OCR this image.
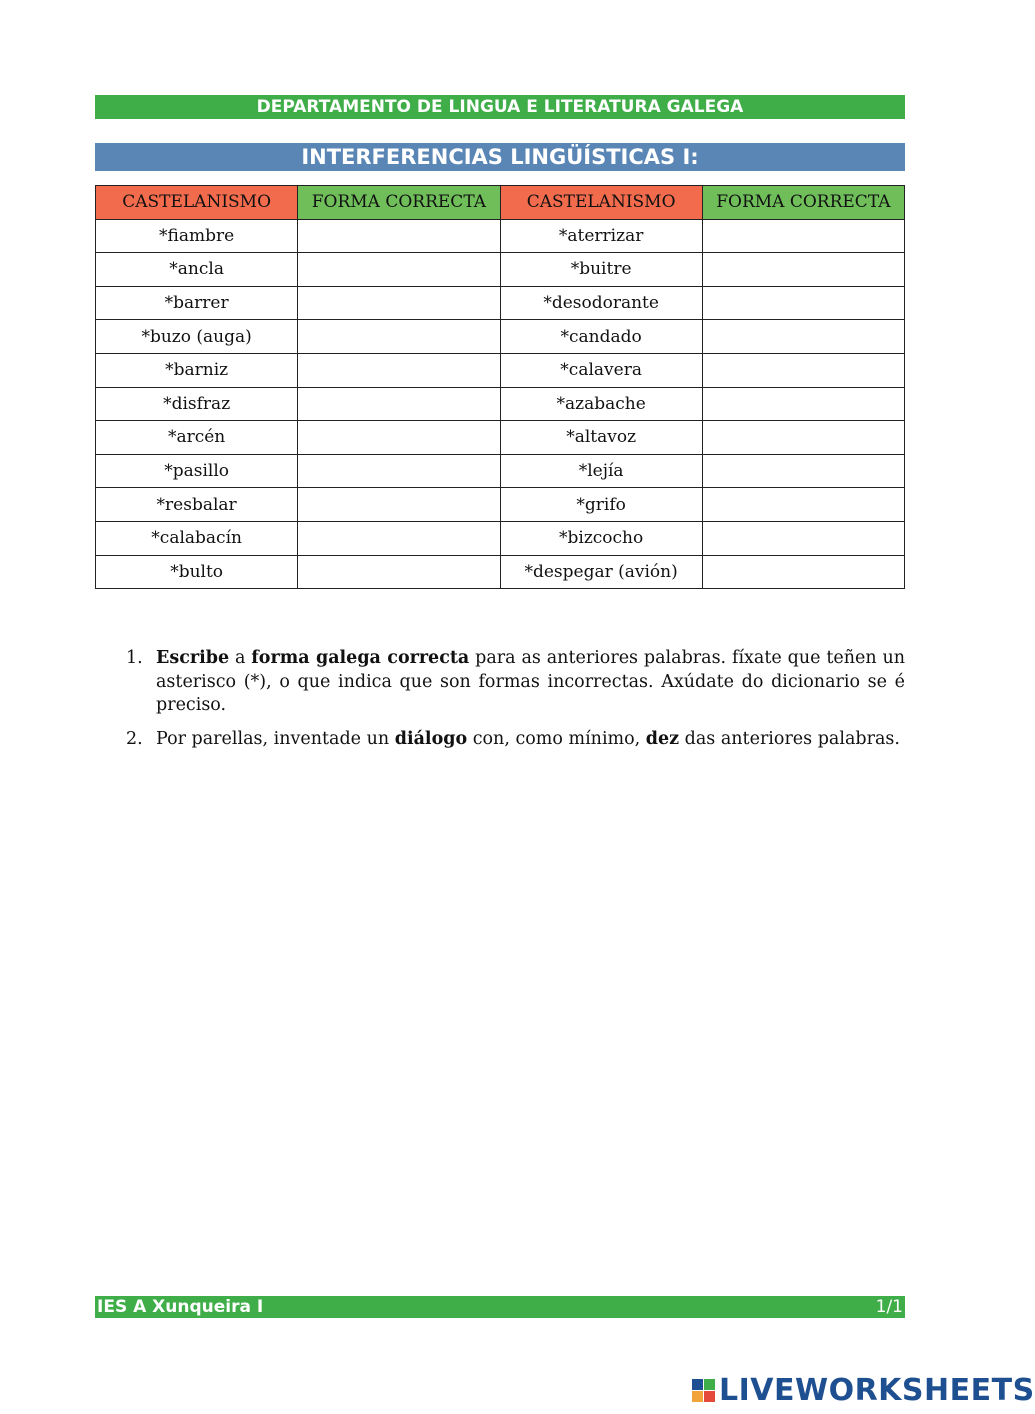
DEPARTAMENTO DE LINGUA E LITERATURA GALEGA
INTERFERENCIAS LINGÜÍSTICAS I:
CASTELANISMO	FORMA CORRECTA	CASTELANISMO	FORMA CORRECTA
*fiambre		*aterrizar	
*ancla		*buitre	
*barrer		*desodorante	
*buzo (auga)		*candado	
*barniz		*calavera	
*disfraz		*azabache	
*arcén		*altavoz	
*pasillo		*lejía	
*resbalar		*grifo	
*calabacín		*bizcocho	
*bulto		*despegar (avión)	
1. Escribe a forma galega correcta para as anteriores palabras. fíxate que teñen un asterisco (*), o que indica que son formas incorrectas. Axúdate do dicionario se é preciso.
2. Por parellas, inventade un diálogo con, como mínimo, dez das anteriores palabras.
IES A Xunqueira I	1/1
LIVEWORKSHEETS
